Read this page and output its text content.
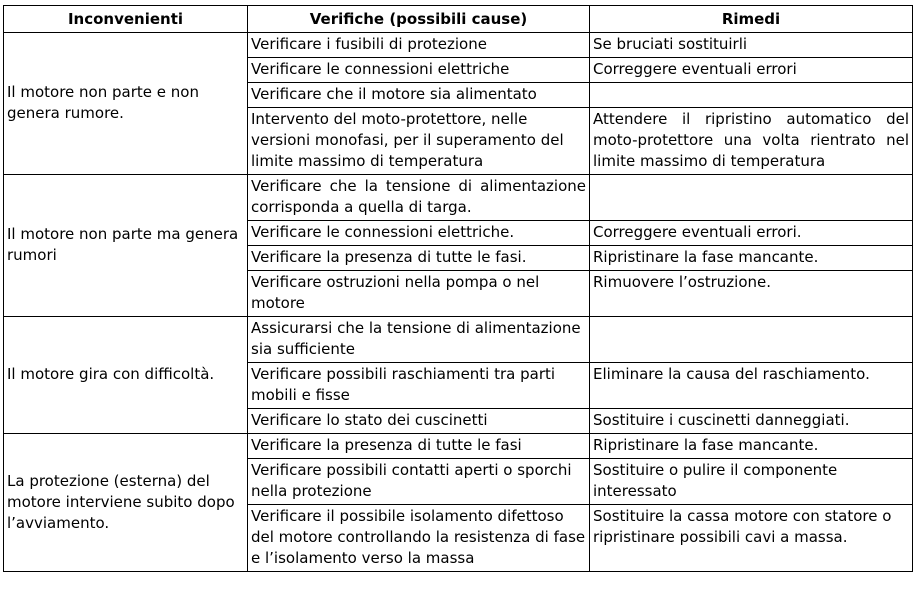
Inconvenienti	Verifiche (possibili cause)	Rimedi
Il motore non parte e non genera rumore.	Verificare i fusibili di protezione	Se bruciati sostituirli
	Verificare le connessioni elettriche	Correggere eventuali errori
	Verificare che il motore sia alimentato	
	Intervento del moto-protettore, nelle versioni monofasi, per il superamento del limite massimo di temperatura	Attendere il ripristino automatico del moto-protettore una volta rientrato nel limite massimo di temperatura
Il motore non parte ma genera rumori	Verificare che la tensione di alimentazione corrisponda a quella di targa.	
	Verificare le connessioni elettriche.	Correggere eventuali errori.
	Verificare la presenza di tutte le fasi.	Ripristinare la fase mancante.
	Verificare ostruzioni nella pompa o nel motore	Rimuovere l’ostruzione.
Il motore gira con difficoltà.	Assicurarsi che la tensione di alimentazione sia sufficiente	
	Verificare possibili raschiamenti tra parti mobili e fisse	Eliminare la causa del raschiamento.
	Verificare lo stato dei cuscinetti	Sostituire i cuscinetti danneggiati.
La protezione (esterna) del motore interviene subito dopo l’avviamento.	Verificare la presenza di tutte le fasi	Ripristinare la fase mancante.
	Verificare possibili contatti aperti o sporchi nella protezione	Sostituire o pulire il componente interessato
	Verificare il possibile isolamento difettoso del motore controllando la resistenza di fase e l’isolamento verso la massa	Sostituire la cassa motore con statore o ripristinare possibili cavi a massa.
